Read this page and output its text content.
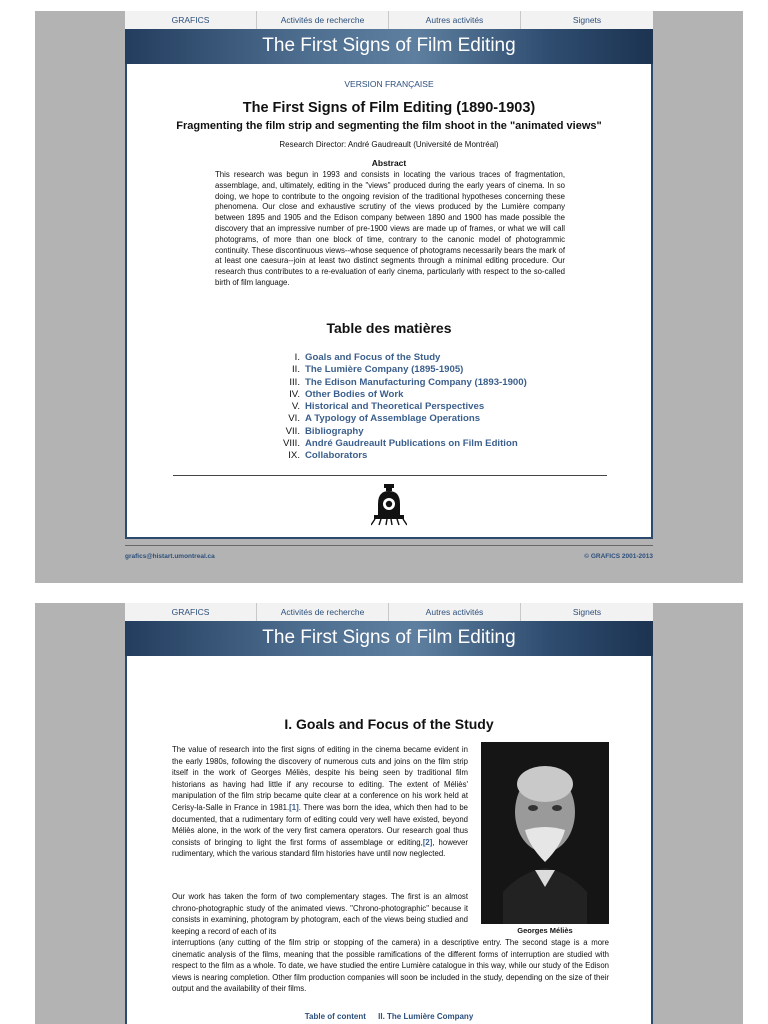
GRAFICS	Activités de recherche	Autres activités	Signets
The First Signs of Film Editing
VERSION FRANÇAISE
The First Signs of Film Editing (1890-1903)
Fragmenting the film strip and segmenting the film shoot in the "animated views"

Research Director: André Gaudreault (Université de Montréal)

Abstract

This research was begun in 1993 and consists in locating the various traces of fragmentation, assemblage, and, ultimately, editing in the "views" produced during the early years of cinema. In so doing, we hope to contribute to the ongoing revision of the traditional hypotheses concerning these phenomena. Our close and exhaustive scrutiny of the views produced by the Lumière company between 1895 and 1905 and the Edison company between 1890 and 1900 has made possible the discovery that an impressive number of pre-1900 views are made up of frames, or what we will call photograms, of more than one block of time, contrary to the canonic model of photogrammic continuity. These discontinuous views--whose sequence of photograms necessarily bears the mark of at least one caesura--join at least two distinct segments through a minimal editing procedure. Our research thus contributes to a re-evaluation of early cinema, particularly with respect to the so-called birth of film language.

Table des matières
I. Goals and Focus of the Study
II. The Lumière Company (1895-1905)
III. The Edison Manufacturing Company (1893-1900)
IV. Other Bodies of Work
V. Historical and Theoretical Perspectives
VI. A Typology of Assemblage Operations
VII. Bibliography
VIII. André Gaudreault Publications on Film Edition
IX. Collaborators
grafics@histart.umontreal.ca	© GRAFICS 2001-2013
GRAFICS	Activités de recherche	Autres activités	Signets
The First Signs of Film Editing
I. Goals and Focus of the Study

The value of research into the first signs of editing in the cinema became evident in the early 1980s, following the discovery of numerous cuts and joins on the film strip itself in the work of Georges Méliès, despite his being seen by traditional film historians as having had little if any recourse to editing. The extent of Méliès' manipulation of the film strip became quite clear at a conference on his work held at Cerisy-la-Salle in France in 1981.[1]. There was born the idea, which then had to be documented, that a rudimentary form of editing could very well have existed, beyond Méliès alone, in the work of the very first camera operators. Our research goal thus consists of bringing to light the first forms of assemblage or editing,[2], however rudimentary, which the various standard film histories have until now neglected.

Georges Méliès

Our work has taken the form of two complementary stages. The first is an almost chrono-photographic study of the animated views. "Chrono-photographic" because it consists in examining, photogram by photogram, each of the views being studied and keeping a record of each of its

interruptions (any cutting of the film strip or stopping of the camera) in a descriptive entry. The second stage is a more cinematic analysis of the films, meaning that the possible ramifications of the different forms of interruption are studied with respect to the film as a whole. To date, we have studied the entire Lumière catalogue in this way, while our study of the Edison views is nearing completion. Other film production companies will soon be included in the study, depending on the size of their output and the availability of their films.

Table of content II. The Lumière Company
